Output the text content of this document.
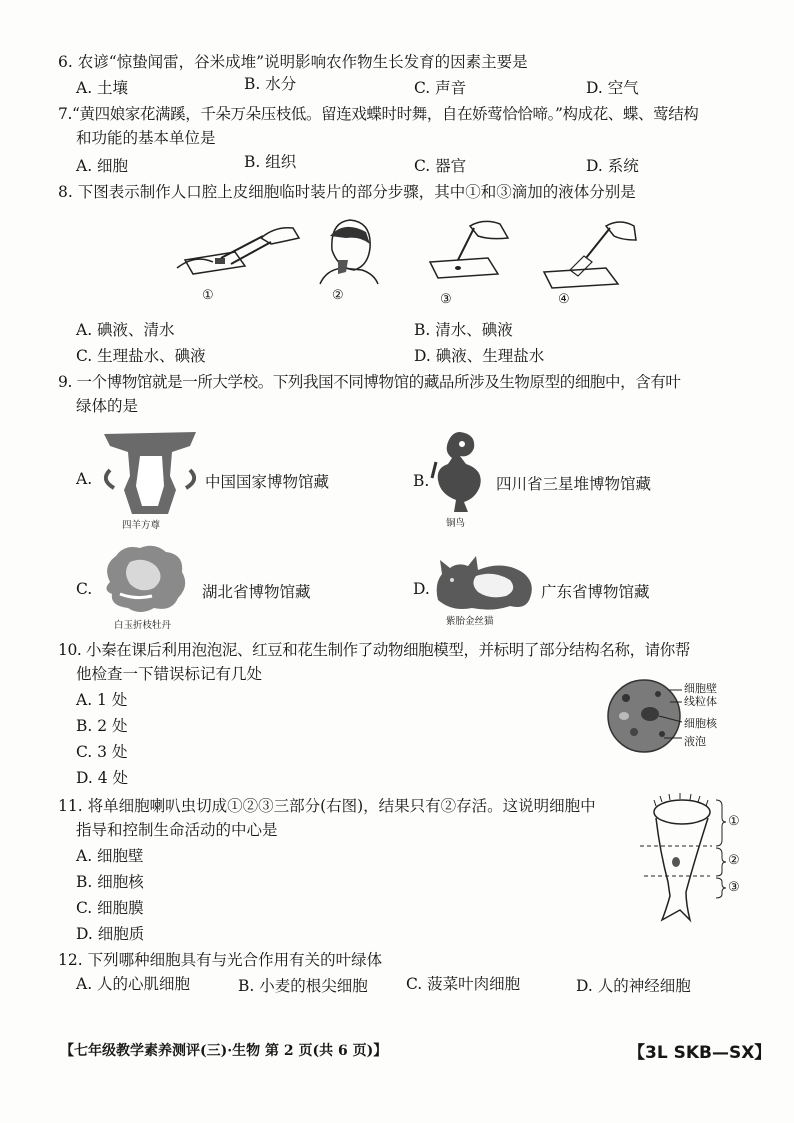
6. 农谚“惊蛰闻雷，谷米成堆”说明影响农作物生长发育的因素主要是
A. 土壤	B. 水分	C. 声音	D. 空气
7.“黄四娘家花满蹊，千朵万朵压枝低。留连戏蝶时时舞，自在娇莺恰恰啼。”构成花、蝶、莺结构
和功能的基本单位是
A. 细胞	B. 组织	C. 器官	D. 系统
8. 下图表示制作人口腔上皮细胞临时装片的部分步骤，其中①和③滴加的液体分别是
①	②	③	④
A. 碘液、清水	B. 清水、碘液
C. 生理盐水、碘液	D. 碘液、生理盐水
9. 一个博物馆就是一所大学校。下列我国不同博物馆的藏品所涉及生物原型的细胞中，含有叶
绿体的是
A.
四羊方尊
中国国家博物馆藏	B.
铜鸟
四川省三星堆博物馆藏
C.
白玉折枝牡丹
湖北省博物馆藏	D.
紫胎金丝猫
广东省博物馆藏
10. 小秦在课后利用泡泡泥、红豆和花生制作了动物细胞模型，并标明了部分结构名称，请你帮
他检查一下错误标记有几处
A. 1 处
B. 2 处
C. 3 处
D. 4 处
细胞壁
线粒体
细胞核
液泡
11. 将单细胞喇叭虫切成①②③三部分(右图)，结果只有②存活。这说明细胞中
指导和控制生命活动的中心是
A. 细胞壁
B. 细胞核
C. 细胞膜
D. 细胞质
①
②
③
12. 下列哪种细胞具有与光合作用有关的叶绿体
A. 人的心肌细胞	B. 小麦的根尖细胞 C. 菠菜叶肉细胞	D. 人的神经细胞
【七年级教学素养测评(三)·生物 第 2 页(共 6 页)】	【3L SKB—SX】
